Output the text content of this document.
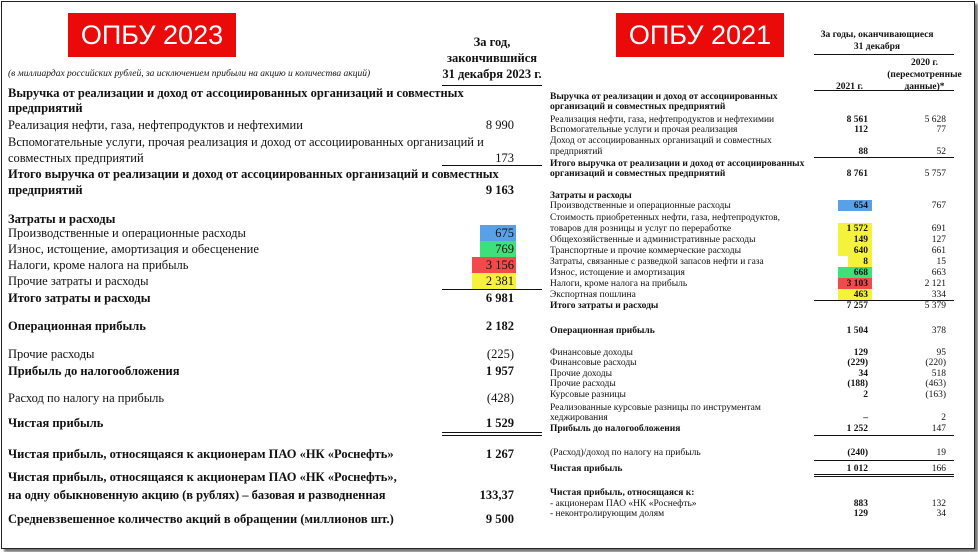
ОПБУ 2023
(в миллиардах российских рублей, за исключением прибыли на акцию и количества акций)
За год,
закончившийся
31 декабря 2023 г.
Выручка от реализации и доход от ассоциированных организаций и совместных
предприятий
Реализация нефти, газа, нефтепродуктов и нефтехимии	8 990
Вспомогательные услуги, прочая реализация и доход от ассоциированных организаций и
совместных предприятий	173
Итого выручка от реализации и доход от ассоциированных организаций и совместных
предприятий	9 163
Затраты и расходы
Производственные и операционные расходы	675
Износ, истощение, амортизация и обесценение	769
Налоги, кроме налога на прибыль	3 156
Прочие затраты и расходы	2 381
Итого затраты и расходы	6 981
Операционная прибыль	2 182
Прочие расходы	(225)
Прибыль до налогообложения	1 957
Расход по налогу на прибыль	(428)
Чистая прибыль	1 529
Чистая прибыль, относящаяся к акционерам ПАО «НК «Роснефть»	1 267
Чистая прибыль, относящаяся к акционерам ПАО «НК «Роснефть»,
на одну обыкновенную акцию (в рублях) – базовая и разводненная	133,37
Средневзвешенное количество акций в обращении (миллионов шт.)	9 500
ОПБУ 2021	За годы, оканчивающиеся
31 декабря
2020 г.
(пересмотренные
данные)*
2021 г.
Выручка от реализации и доход от ассоциированных
организаций и совместных предприятий
Реализация нефти, газа, нефтепродуктов и нефтехимии	8 561	5 628
Вспомогательные услуги и прочая реализация	112	77
Доход от ассоциированных организаций и совместных
предприятий	88	52
Итого выручка от реализации и доход от ассоциированных
организаций и совместных предприятий	8 761	5 757
Затраты и расходы
Производственные и операционные расходы	654	767
Стоимость приобретенных нефти, газа, нефтепродуктов,
товаров для розницы и услуг по переработке	1 572	691
Общехозяйственные и административные расходы	149	127
Транспортные и прочие коммерческие расходы	640	661
Затраты, связанные с разведкой запасов нефти и газа	8	15
Износ, истощение и амортизация	668	663
Налоги, кроме налога на прибыль	3 103	2 121
Экспортная пошлина	463	334
Итого затраты и расходы	7 257	5 379
Операционная прибыль	1 504	378
Финансовые доходы	129	95
Финансовые расходы	(229)	(220)
Прочие доходы	34	518
Прочие расходы	(188)	(463)
Курсовые разницы	2	(163)
Реализованные курсовые разницы по инструментам
хеджирования	–	2
Прибыль до налогообложения	1 252	147
(Расход)/доход по налогу на прибыль	(240)	19
Чистая прибыль	1 012	166
Чистая прибыль, относящаяся к:
- акционерам ПАО «НК «Роснефть»	883	132
- неконтролирующим долям	129	34
